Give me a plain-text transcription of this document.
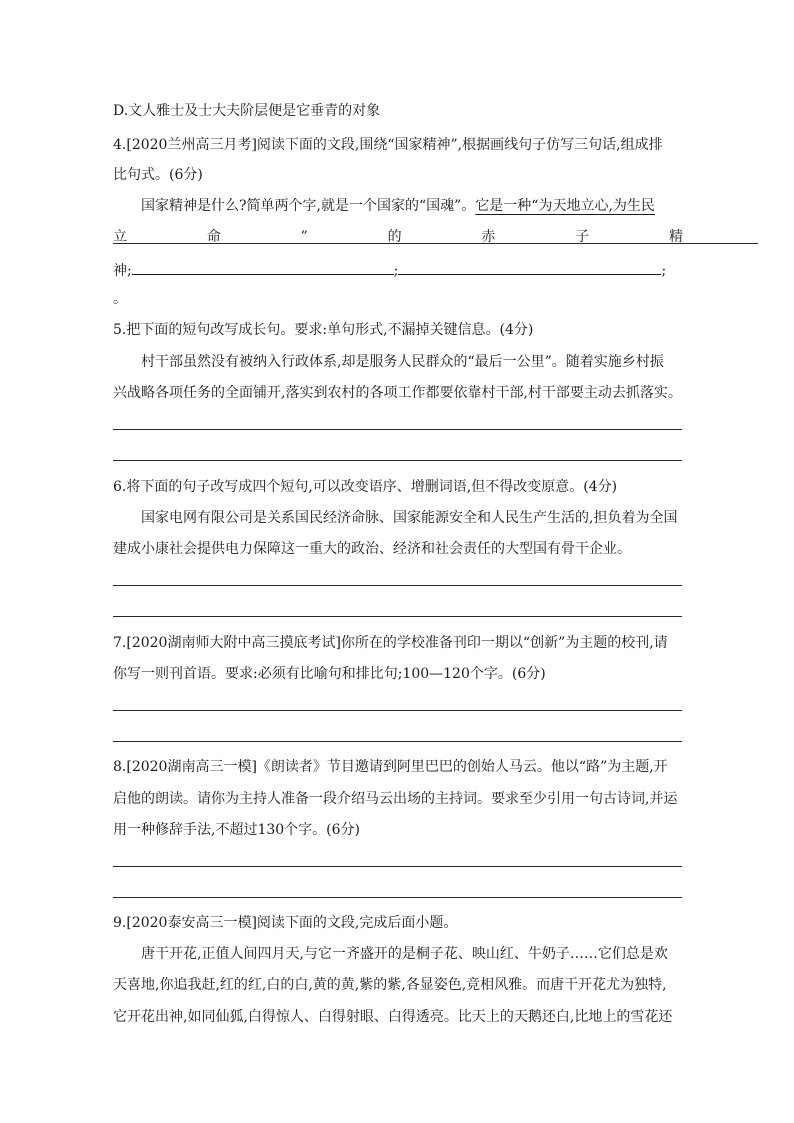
D.文人雅士及士大夫阶层便是它垂青的对象
4.[2020兰州高三月考]阅读下面的文段,围绕“国家精神”,根据画线句子仿写三句话,组成排
比句式。(6分)
国家精神是什么?简单两个字,就是一个国家的“国魂”。它是一种“为天地立心,为生民
立	命	”	的	赤	子	精
神;	;	;
。
5.把下面的短句改写成长句。要求:单句形式,不漏掉关键信息。(4分)
村干部虽然没有被纳入行政体系,却是服务人民群众的“最后一公里”。随着实施乡村振
兴战略各项任务的全面铺开,落实到农村的各项工作都要依靠村干部,村干部要主动去抓落实。
6.将下面的句子改写成四个短句,可以改变语序、增删词语,但不得改变原意。(4分)
国家电网有限公司是关系国民经济命脉、国家能源安全和人民生产生活的,担负着为全国
建成小康社会提供电力保障这一重大的政治、经济和社会责任的大型国有骨干企业。
7.[2020湖南师大附中高三摸底考试]你所在的学校准备刊印一期以“创新”为主题的校刊,请
你写一则刊首语。要求:必须有比喻句和排比句;100—120个字。(6分)
8.[2020湖南高三一模]《朗读者》节目邀请到阿里巴巴的创始人马云。他以“路”为主题,开
启他的朗读。请你为主持人准备一段介绍马云出场的主持词。要求至少引用一句古诗词,并运
用一种修辞手法,不超过130个字。(6分)
9.[2020泰安高三一模]阅读下面的文段,完成后面小题。
唐干开花,正值人间四月天,与它一齐盛开的是桐子花、映山红、牛奶子……它们总是欢
天喜地,你追我赶,红的红,白的白,黄的黄,紫的紫,各显姿色,竞相风雅。而唐干开花尤为独特,
它开花出神,如同仙狐,白得惊人、白得射眼、白得透亮。比天上的天鹅还白,比地上的雪花还
